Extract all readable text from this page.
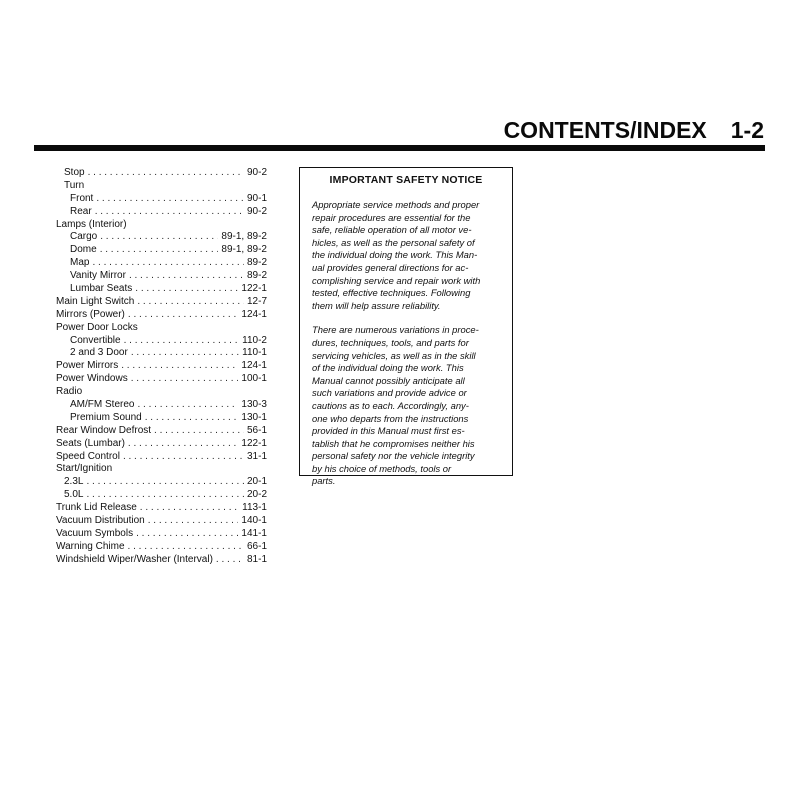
CONTENTS/INDEX 1-2
Stop . . .	90-2
Turn
Front . . .	90-1
Rear . . .	90-2
Lamps (Interior)
Cargo . . .	89-1, 89-2
Dome . . .	89-1, 89-2
Map . . .	89-2
Vanity Mirror . . .	89-2
Lumbar Seats . . .	122-1
Main Light Switch . . .	12-7
Mirrors (Power) . . .	124-1
Power Door Locks
Convertible . . .	110-2
2 and 3 Door . . .	110-1
Power Mirrors . . .	124-1
Power Windows . . .	100-1
Radio
AM/FM Stereo . . .	130-3
Premium Sound . . .	130-1
Rear Window Defrost . . .	56-1
Seats (Lumbar) . . .	122-1
Speed Control . . .	31-1
Start/Ignition
2.3L . . .	20-1
5.0L . . .	20-2
Trunk Lid Release . . .	113-1
Vacuum Distribution . . .	140-1
Vacuum Symbols . . .	141-1
Warning Chime . . .	66-1
Windshield Wiper/Washer (Interval) . . .	81-1
IMPORTANT SAFETY NOTICE

Appropriate service methods and proper
repair procedures are essential for the
safe, reliable operation of all motor ve-
hicles, as well as the personal safety of
the individual doing the work. This Man-
ual provides general directions for ac-
complishing service and repair work with
tested, effective techniques. Following
them will help assure reliability.

There are numerous variations in proce-
dures, techniques, tools, and parts for
servicing vehicles, as well as in the skill
of the individual doing the work. This
Manual cannot possibly anticipate all
such variations and provide advice or
cautions as to each. Accordingly, any-
one who departs from the instructions
provided in this Manual must first es-
tablish that he compromises neither his
personal safety nor the vehicle integrity
by his choice of methods, tools or
parts.
